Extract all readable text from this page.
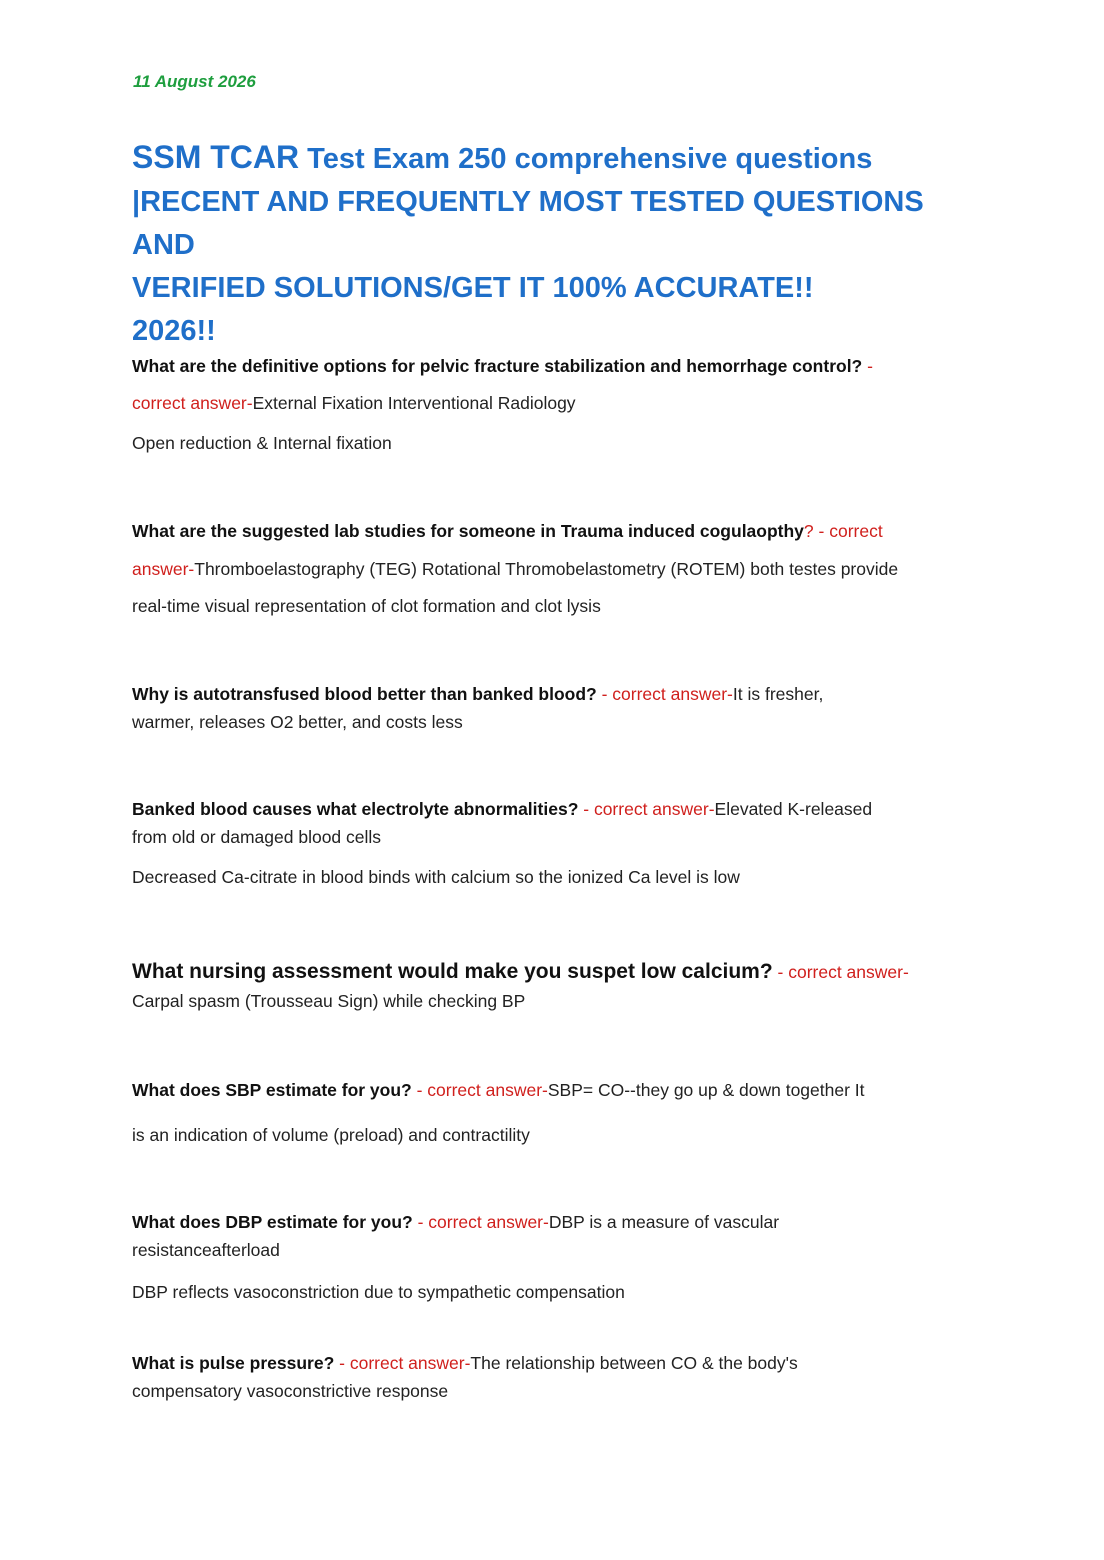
11 August 2026
SSM TCAR Test Exam 250 comprehensive questions
|RECENT AND FREQUENTLY MOST TESTED QUESTIONS AND
VERIFIED SOLUTIONS/GET IT 100% ACCURATE!!
2026!!
What are the definitive options for pelvic fracture stabilization and hemorrhage control? -
correct answer-External Fixation Interventional Radiology
Open reduction & Internal fixation
What are the suggested lab studies for someone in Trauma induced cogulaopthy? - correct
answer-Thromboelastography (TEG) Rotational Thromobelastometry (ROTEM) both testes provide
real-time visual representation of clot formation and clot lysis
Why is autotransfused blood better than banked blood? - correct answer-It is fresher,
warmer, releases O2 better, and costs less
Banked blood causes what electrolyte abnormalities? - correct answer-Elevated K-released
from old or damaged blood cells
Decreased Ca-citrate in blood binds with calcium so the ionized Ca level is low
What nursing assessment would make you suspet low calcium? - correct answer-
Carpal spasm (Trousseau Sign) while checking BP
What does SBP estimate for you? - correct answer-SBP= CO--they go up & down together It
is an indication of volume (preload) and contractility
What does DBP estimate for you? - correct answer-DBP is a measure of vascular
resistanceafterload
DBP reflects vasoconstriction due to sympathetic compensation
What is pulse pressure? - correct answer-The relationship between CO & the body's
compensatory vasoconstrictive response
